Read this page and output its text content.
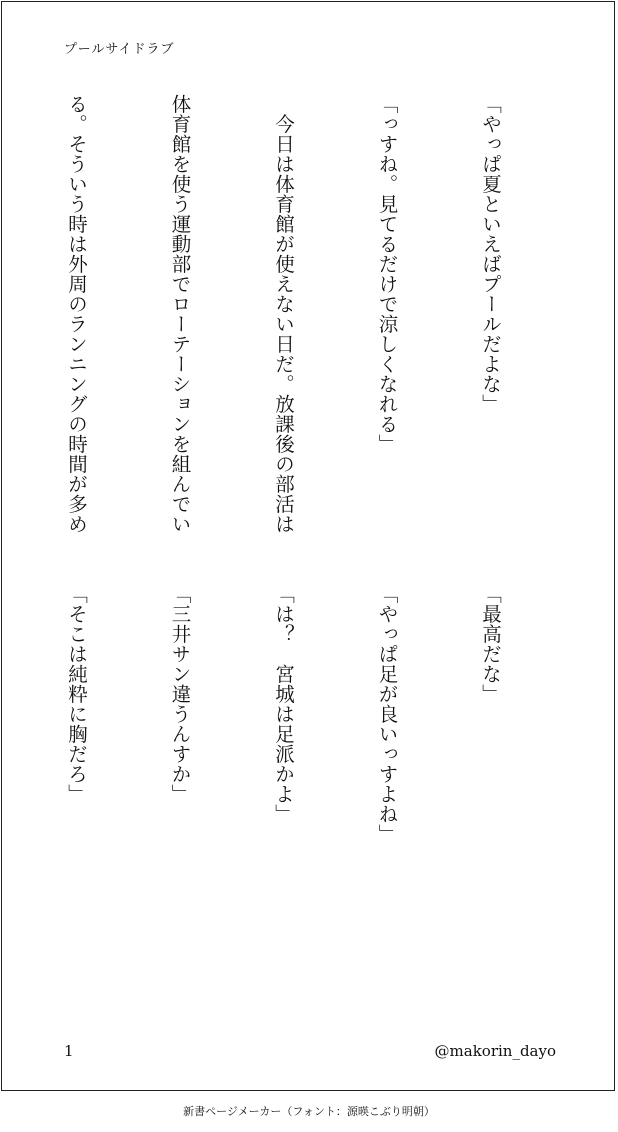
プールサイドラブ

「やっぱ夏といえばプールだよな」

「っすね。見てるだけで涼しくなれる」

　今日は体育館が使えない日だ。放課後の部活は

体育館を使う運動部でローテーションを組んでい

る。そういう時は外周のランニングの時間が多め

「最高だな」

「やっぱ足が良いっすよね」

「は？　宮城は足派かよ」

「三井サン違うんすか」

「そこは純粋に胸だろ」

1	@makorin_dayo
新書ページメーカー（フォント：源暎こぶり明朝）
